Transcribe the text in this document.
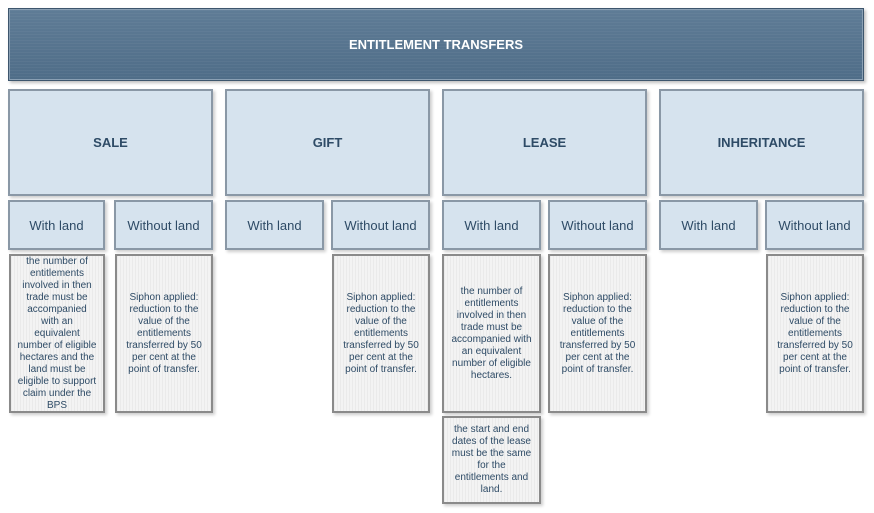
ENTITLEMENT TRANSFERS
SALE	GIFT	LEASE	INHERITANCE
With land	Without land	With land	Without land	With land	Without land	With land	Without land
the number of entitlements involved in then trade must be accompanied with an equivalent number of eligible hectares and the land must be eligible to support claim under the BPS
Siphon applied: reduction to the value of the entitlements transferred by 50 per cent at the point of transfer.
Siphon applied: reduction to the value of the entitlements transferred by 50 per cent at the point of transfer.
the number of entitlements involved in then trade must be accompanied with an equivalent number of eligible hectares.
Siphon applied: reduction to the value of the entitlements transferred by 50 per cent at the point of transfer.
the start and end dates of the lease must be the same for the entitlements and land.
Siphon applied: reduction to the value of the entitlements transferred by 50 per cent at the point of transfer.
